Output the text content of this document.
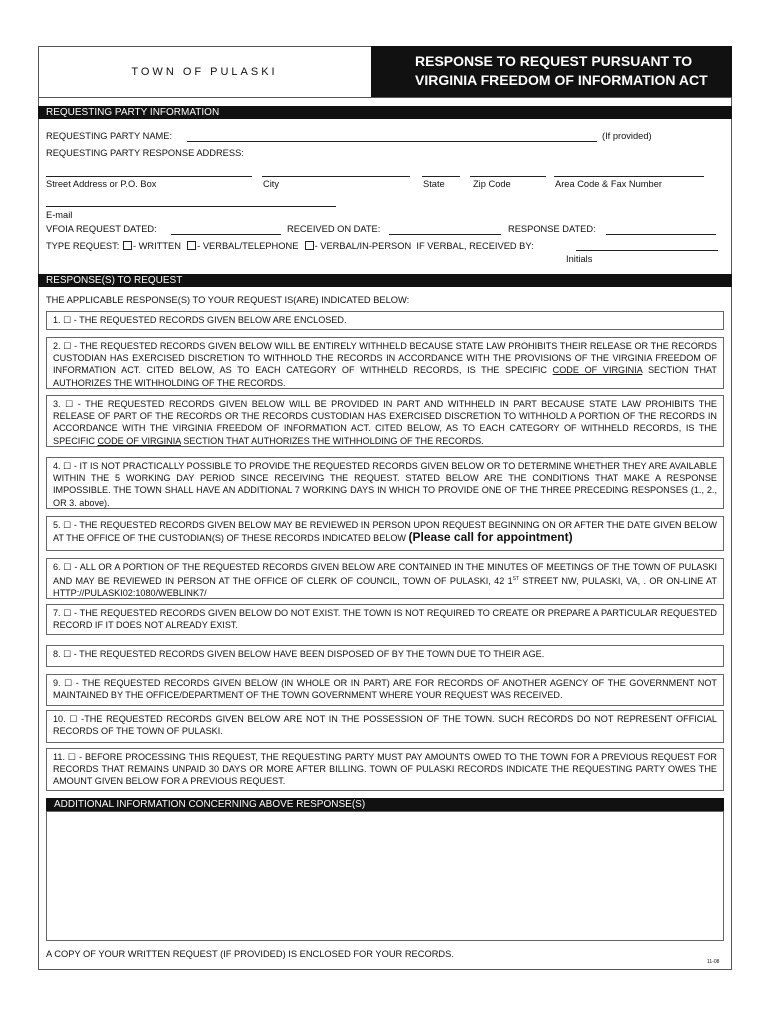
TOWN OF PULASKI
RESPONSE TO REQUEST PURSUANT TO
VIRGINIA FREEDOM OF INFORMATION ACT
REQUESTING PARTY INFORMATION
REQUESTING PARTY NAME:	(If provided)
REQUESTING PARTY RESPONSE ADDRESS:
Street Address or P.O. Box	City	State	Zip Code	Area Code & Fax Number
E-mail
VFOIA REQUEST DATED:	RECEIVED ON DATE:	RESPONSE DATED:
TYPE REQUEST: - WRITTEN - VERBAL/TELEPHONE - VERBAL/IN-PERSON IF VERBAL, RECEIVED BY:
Initials
RESPONSE(S) TO REQUEST
THE APPLICABLE RESPONSE(S) TO YOUR REQUEST IS(ARE) INDICATED BELOW:
1. ☐ - THE REQUESTED RECORDS GIVEN BELOW ARE ENCLOSED.
2. ☐ - THE REQUESTED RECORDS GIVEN BELOW WILL BE ENTIRELY WITHHELD BECAUSE STATE LAW PROHIBITS THEIR RELEASE OR THE RECORDS CUSTODIAN HAS EXERCISED DISCRETION TO WITHHOLD THE RECORDS IN ACCORDANCE WITH THE PROVISIONS OF THE VIRGINIA FREEDOM OF INFORMATION ACT. CITED BELOW, AS TO EACH CATEGORY OF WITHHELD RECORDS, IS THE SPECIFIC CODE OF VIRGINIA SECTION THAT AUTHORIZES THE WITHHOLDING OF THE RECORDS.
3. ☐ - THE REQUESTED RECORDS GIVEN BELOW WILL BE PROVIDED IN PART AND WITHHELD IN PART BECAUSE STATE LAW PROHIBITS THE RELEASE OF PART OF THE RECORDS OR THE RECORDS CUSTODIAN HAS EXERCISED DISCRETION TO WITHHOLD A PORTION OF THE RECORDS IN ACCORDANCE WITH THE VIRGINIA FREEDOM OF INFORMATION ACT. CITED BELOW, AS TO EACH CATEGORY OF WITHHELD RECORDS, IS THE SPECIFIC CODE OF VIRGINIA SECTION THAT AUTHORIZES THE WITHHOLDING OF THE RECORDS.
4. ☐ - IT IS NOT PRACTICALLY POSSIBLE TO PROVIDE THE REQUESTED RECORDS GIVEN BELOW OR TO DETERMINE WHETHER THEY ARE AVAILABLE WITHIN THE 5 WORKING DAY PERIOD SINCE RECEIVING THE REQUEST. STATED BELOW ARE THE CONDITIONS THAT MAKE A RESPONSE IMPOSSIBLE. THE TOWN SHALL HAVE AN ADDITIONAL 7 WORKING DAYS IN WHICH TO PROVIDE ONE OF THE THREE PRECEDING RESPONSES (1., 2., OR 3. above).
5. ☐ - THE REQUESTED RECORDS GIVEN BELOW MAY BE REVIEWED IN PERSON UPON REQUEST BEGINNING ON OR AFTER THE DATE GIVEN BELOW AT THE OFFICE OF THE CUSTODIAN(S) OF THESE RECORDS INDICATED BELOW (Please call for appointment)
6. ☐ - ALL OR A PORTION OF THE REQUESTED RECORDS GIVEN BELOW ARE CONTAINED IN THE MINUTES OF MEETINGS OF THE TOWN OF PULASKI AND MAY BE REVIEWED IN PERSON AT THE OFFICE OF CLERK OF COUNCIL, TOWN OF PULASKI, 42 1ST STREET NW, PULASKI, VA, . OR ON-LINE AT HTTP://PULASKI02:1080/WEBLINK7/
7. ☐ - THE REQUESTED RECORDS GIVEN BELOW DO NOT EXIST. THE TOWN IS NOT REQUIRED TO CREATE OR PREPARE A PARTICULAR REQUESTED RECORD IF IT DOES NOT ALREADY EXIST.
8. ☐ - THE REQUESTED RECORDS GIVEN BELOW HAVE BEEN DISPOSED OF BY THE TOWN DUE TO THEIR AGE.
9. ☐ - THE REQUESTED RECORDS GIVEN BELOW (IN WHOLE OR IN PART) ARE FOR RECORDS OF ANOTHER AGENCY OF THE GOVERNMENT NOT MAINTAINED BY THE OFFICE/DEPARTMENT OF THE TOWN GOVERNMENT WHERE YOUR REQUEST WAS RECEIVED.
10. ☐ -THE REQUESTED RECORDS GIVEN BELOW ARE NOT IN THE POSSESSION OF THE TOWN. SUCH RECORDS DO NOT REPRESENT OFFICIAL RECORDS OF THE TOWN OF PULASKI.
11. ☐ - BEFORE PROCESSING THIS REQUEST, THE REQUESTING PARTY MUST PAY AMOUNTS OWED TO THE TOWN FOR A PREVIOUS REQUEST FOR RECORDS THAT REMAINS UNPAID 30 DAYS OR MORE AFTER BILLING. TOWN OF PULASKI RECORDS INDICATE THE REQUESTING PARTY OWES THE AMOUNT GIVEN BELOW FOR A PREVIOUS REQUEST.
ADDITIONAL INFORMATION CONCERNING ABOVE RESPONSE(S)
A COPY OF YOUR WRITTEN REQUEST (IF PROVIDED) IS ENCLOSED FOR YOUR RECORDS.
11-08
